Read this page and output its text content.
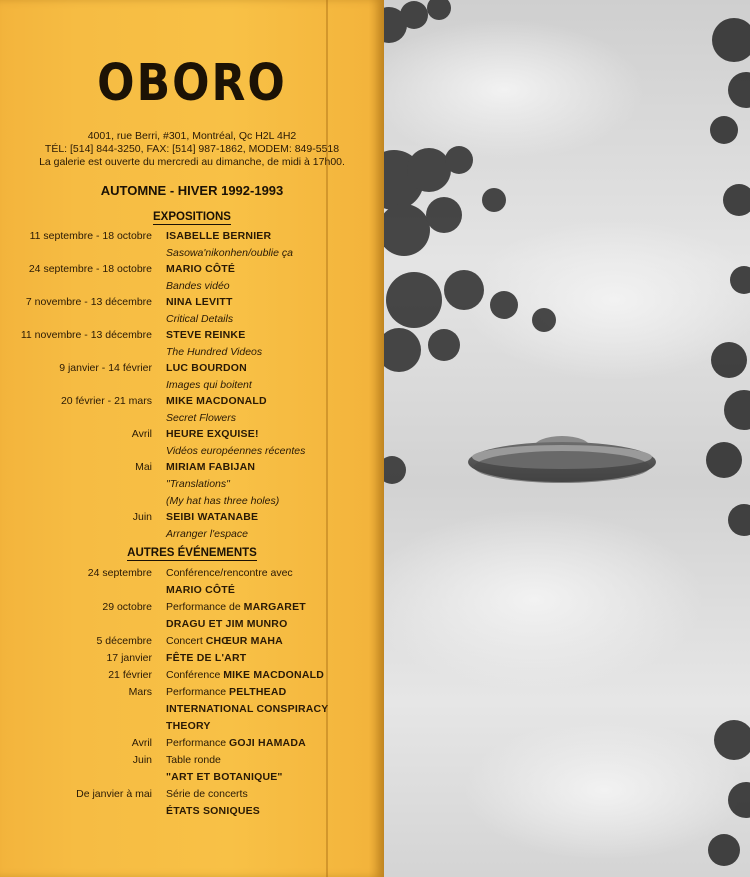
OBORO
4001, rue Berri, #301, Montréal, Qc H2L 4H2
TÉL: [514] 844-3250, FAX: [514] 987-1862, MODEM: 849-5518
La galerie est ouverte du mercredi au dimanche, de midi à 17h00.
AUTOMNE - HIVER 1992-1993
EXPOSITIONS
11 septembre - 18 octobre ISABELLE BERNIER
Sasowa'nikonhen/oublie ça
24 septembre - 18 octobre MARIO CÔTÉ
Bandes vidéo
7 novembre - 13 décembre NINA LEVITT
Critical Details
11 novembre - 13 décembre STEVE REINKE
The Hundred Videos
9 janvier - 14 février LUC BOURDON
Images qui boitent
20 février - 21 mars MIKE MACDONALD
Secret Flowers
Avril HEURE EXQUISE!
Vidéos européennes récentes
Mai MIRIAM FABIJAN
"Translations"
(My hat has three holes)
Juin SEIBI WATANABE
Arranger l'espace
AUTRES ÉVÉNEMENTS
24 septembre Conférence/rencontre avec
MARIO CÔTÉ
29 octobre Performance de MARGARET
DRAGU ET JIM MUNRO
5 décembre Concert CHŒUR MAHA
17 janvier FÊTE DE L'ART
21 février Conférence MIKE MACDONALD
Mars Performance PELTHEAD
INTERNATIONAL CONSPIRACY
THEORY
Avril Performance GOJI HAMADA
Juin Table ronde
"ART ET BOTANIQUE"
De janvier à mai Série de concerts
ÉTATS SONIQUES
